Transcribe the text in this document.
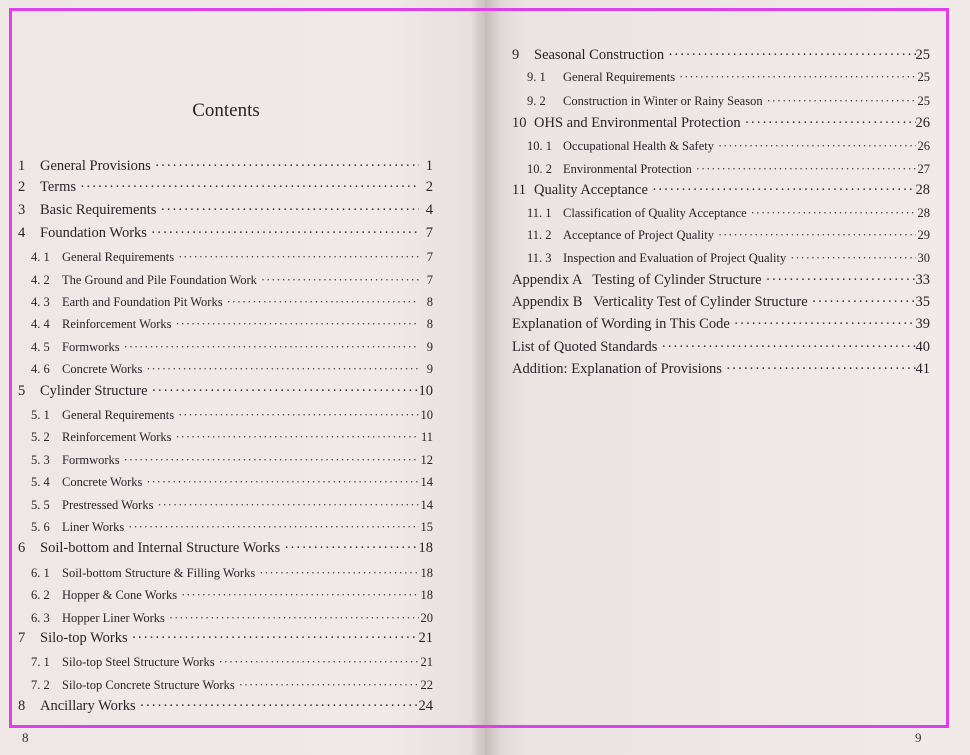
Contents
1	General Provisions ·····	1
2	Terms ·····	2
3	Basic Requirements ·····	4
4	Foundation Works ·····	7
4. 1 General Requirements ·····	7
4. 2 The Ground and Pile Foundation Work ·····	7
4. 3 Earth and Foundation Pit Works ·····	8
4. 4 Reinforcement Works ·····	8
4. 5 Formworks ·····	9
4. 6 Concrete Works ·····	9
5	Cylinder Structure ·····	10
5. 1 General Requirements ·····	10
5. 2 Reinforcement Works ·····	11
5. 3 Formworks ·····	12
5. 4 Concrete Works ·····	14
5. 5 Prestressed Works ·····	14
5. 6 Liner Works ·····	15
6	Soil-bottom and Internal Structure Works ·····	18
6. 1 Soil-bottom Structure & Filling Works ·····	18
6. 2 Hopper & Cone Works ·····	18
6. 3 Hopper Liner Works ·····	20
7	Silo-top Works ·····	21
7. 1 Silo-top Steel Structure Works ·····	21
7. 2 Silo-top Concrete Structure Works ·····	22
8	Ancillary Works ·····	24
8
9	Seasonal Construction ·····	25
9. 1	General Requirements ·····	25
9. 2	Construction in Winter or Rainy Season ·····	25
10 OHS and Environmental Protection ·····	26
10. 1 Occupational Health & Safety ·····	26
10. 2 Environmental Protection ·····	27
11 Quality Acceptance ·····	28
11. 1 Classification of Quality Acceptance ·····	28
11. 2 Acceptance of Project Quality ·····	29
11. 3 Inspection and Evaluation of Project Quality ·····	30
Appendix A   Testing of Cylinder Structure ·····	33
Appendix B   Verticality Test of Cylinder Structure ·····	35
Explanation of Wording in This Code ·····	39
List of Quoted Standards ·····	40
Addition: Explanation of Provisions ·····	41
9
